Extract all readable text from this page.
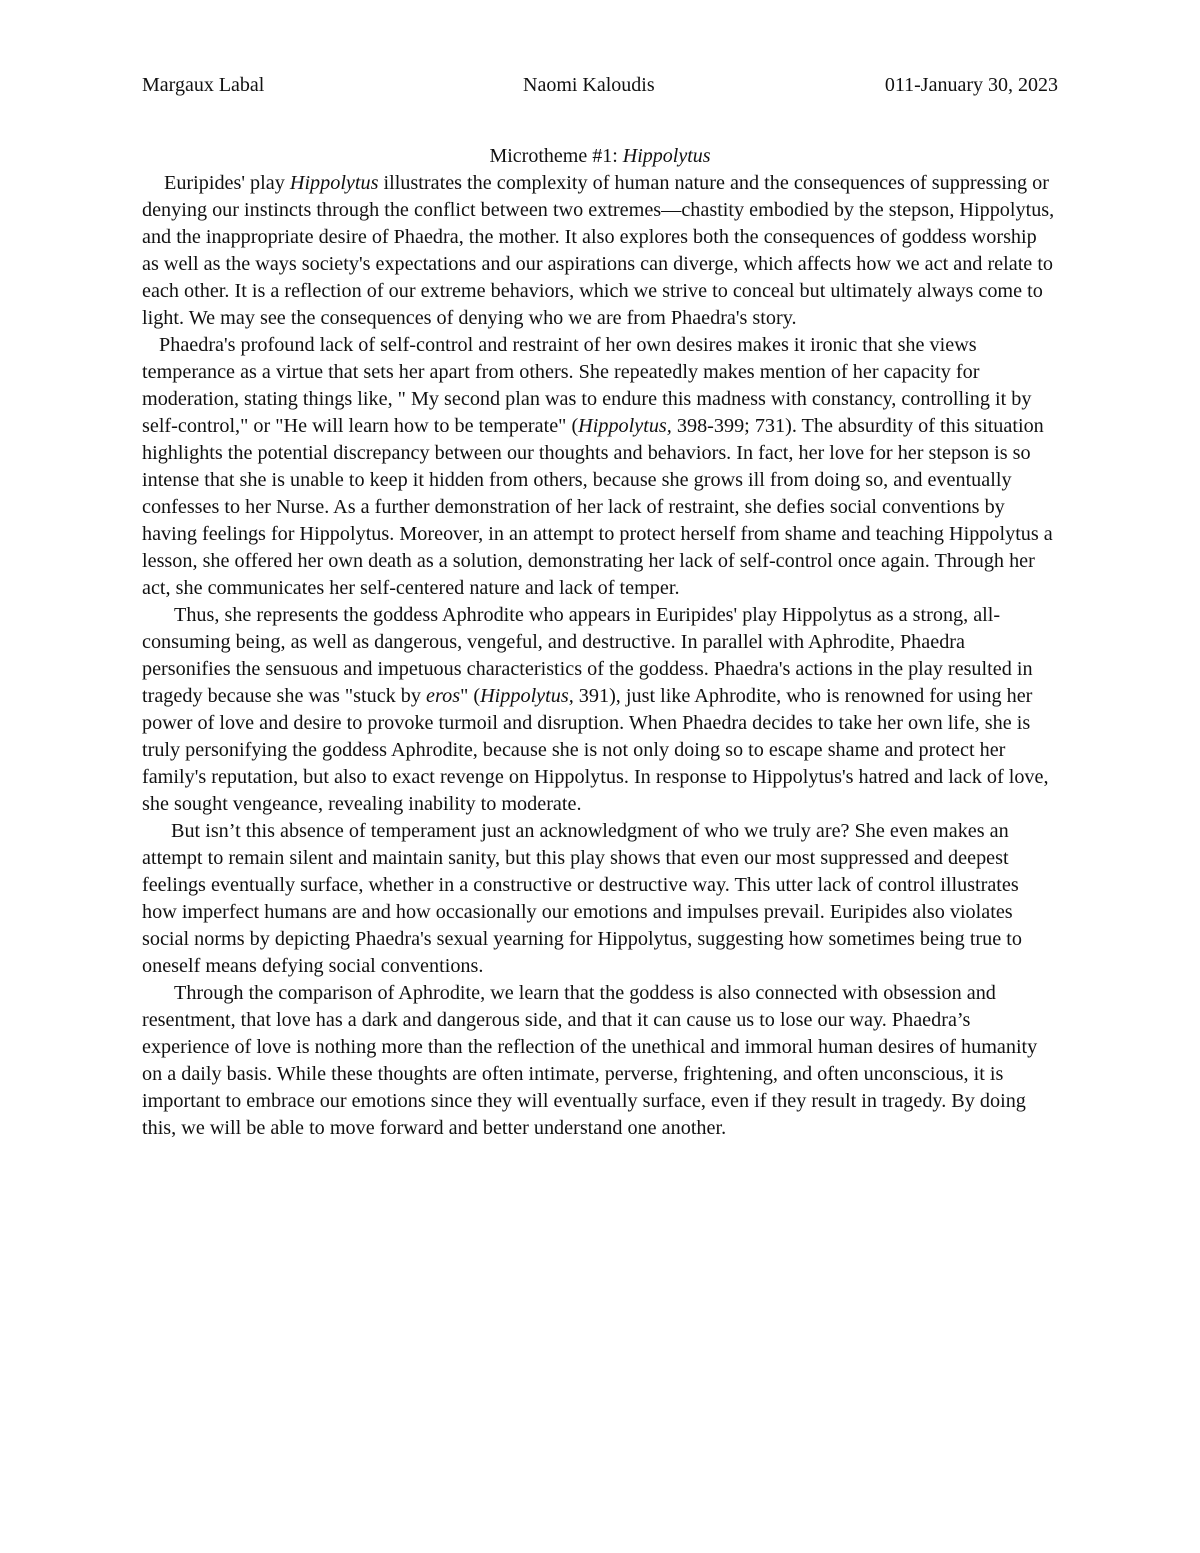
Margaux Labal	Naomi Kaloudis	011-January 30, 2023
Microtheme #1: Hippolytus

Euripides' play Hippolytus illustrates the complexity of human nature and the consequences of suppressing or denying our instincts through the conflict between two extremes—chastity embodied by the stepson, Hippolytus, and the inappropriate desire of Phaedra, the mother. It also explores both the consequences of goddess worship as well as the ways society's expectations and our aspirations can diverge, which affects how we act and relate to each other. It is a reflection of our extreme behaviors, which we strive to conceal but ultimately always come to light. We may see the consequences of denying who we are from Phaedra's story.

Phaedra's profound lack of self-control and restraint of her own desires makes it ironic that she views temperance as a virtue that sets her apart from others. She repeatedly makes mention of her capacity for moderation, stating things like, " My second plan was to endure this madness with constancy, controlling it by self-control," or "He will learn how to be temperate" (Hippolytus, 398-399; 731). The absurdity of this situation highlights the potential discrepancy between our thoughts and behaviors. In fact, her love for her stepson is so intense that she is unable to keep it hidden from others, because she grows ill from doing so, and eventually confesses to her Nurse. As a further demonstration of her lack of restraint, she defies social conventions by having feelings for Hippolytus. Moreover, in an attempt to protect herself from shame and teaching Hippolytus a lesson, she offered her own death as a solution, demonstrating her lack of self-control once again. Through her act, she communicates her self-centered nature and lack of temper.

Thus, she represents the goddess Aphrodite who appears in Euripides' play Hippolytus as a strong, all-consuming being, as well as dangerous, vengeful, and destructive. In parallel with Aphrodite, Phaedra personifies the sensuous and impetuous characteristics of the goddess. Phaedra's actions in the play resulted in tragedy because she was "stuck by eros" (Hippolytus, 391), just like Aphrodite, who is renowned for using her power of love and desire to provoke turmoil and disruption. When Phaedra decides to take her own life, she is truly personifying the goddess Aphrodite, because she is not only doing so to escape shame and protect her family's reputation, but also to exact revenge on Hippolytus. In response to Hippolytus's hatred and lack of love, she sought vengeance, revealing inability to moderate.

But isn’t this absence of temperament just an acknowledgment of who we truly are? She even makes an attempt to remain silent and maintain sanity, but this play shows that even our most suppressed and deepest feelings eventually surface, whether in a constructive or destructive way. This utter lack of control illustrates how imperfect humans are and how occasionally our emotions and impulses prevail. Euripides also violates social norms by depicting Phaedra's sexual yearning for Hippolytus, suggesting how sometimes being true to oneself means defying social conventions.

Through the comparison of Aphrodite, we learn that the goddess is also connected with obsession and resentment, that love has a dark and dangerous side, and that it can cause us to lose our way. Phaedra’s experience of love is nothing more than the reflection of the unethical and immoral human desires of humanity on a daily basis. While these thoughts are often intimate, perverse, frightening, and often unconscious, it is important to embrace our emotions since they will eventually surface, even if they result in tragedy. By doing this, we will be able to move forward and better understand one another.
